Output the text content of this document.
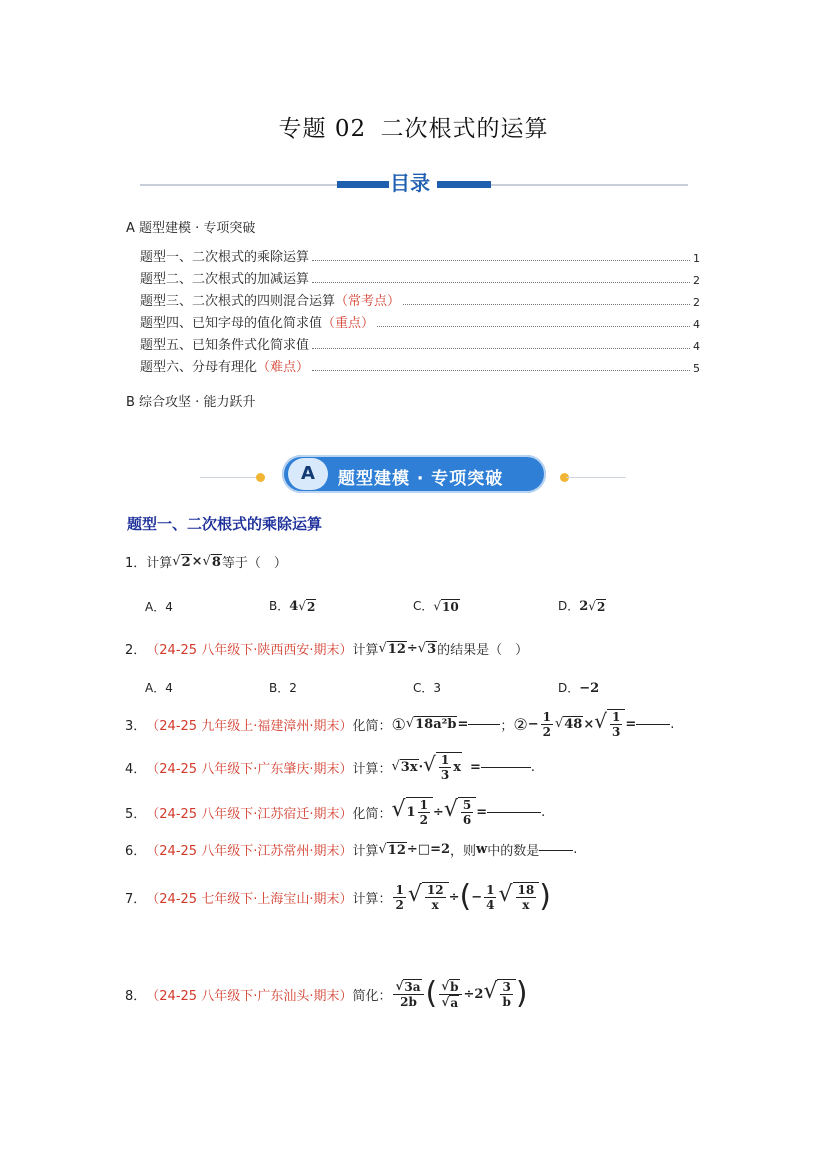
专题 02 二次根式的运算
目录
A 题型建模 · 专项突破
题型一、二次根式的乘除运算	1
题型二、二次根式的加减运算	2
题型三、二次根式的四则混合运算 （常考点）	2
题型四、已知字母的值化简求值 （重点）	4
题型五、已知条件式化简求值	4
题型六、分母有理化 （难点）	5
B 综合攻坚 · 能力跃升
A	题型建模 · 专项突破
题型一、二次根式的乘除运算
1． 计算 √ 2 × √ 8 等于（　）
A．4	B．4 √ 2	C． √ 10	D．2 √ 2
2． （24-25 八年级下·陕西西安·期末） 计算 √ 12 ÷ √ 3 的结果是（　）
A．4	B．2	C．3	D．−2
3． （24-25 九年级上·福建漳州·期末） 化简： ① √ 18a²b = ； ② − $\frac{1}{2}$ √ 48 × √ $\frac{1}{3}$ =	.
4． （24-25 八年级下·广东肇庆·期末） 计算： √ 3x · √ $\frac{1}{3}$ x =	.
5． （24-25 八年级下·江苏宿迁·期末） 化简： √ $1 \frac{1}{2}$ ÷ √ $\frac{5}{6}$ =	.
6． （24-25 八年级下·江苏常州·期末） 计算 √ 12 ÷ □ = 2 ，则 w 中的数是	.
7． （24-25 七年级下·上海宝山·期末） 计算： $\frac{1}{2}$ √ $\frac{12}{x}$ ÷ ( − $\frac{1}{4}$ √ $\frac{18}{x}$ )
8． （24-25 八年级下·广东汕头·期末） 简化： $\frac{√ 3a}{2b}$ ( $\frac{√ b}{√ a} \div 2$ √ $\frac{3}{b}$ )
